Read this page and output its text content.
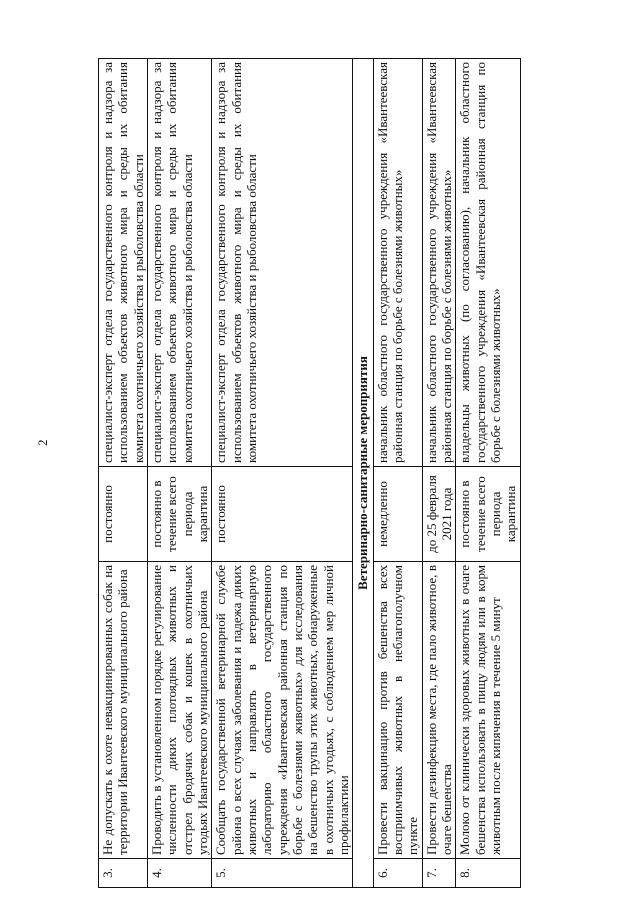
2
3.	Не допускать к охоте невакцинированных собак на территории Ивантеевского муниципального района	постоянно	специалист-эксперт отдела государственного контроля и надзора за использованием объектов животного мира и среды их обитания комитета охотничьего хозяйства и рыболовства области
4.	Проводить в установленном порядке регулирование численности диких плотоядных животных и отстрел бродячих собак и кошек в охотничьих угодьях Ивантеевского муниципального района	постоянно в течение всего периода карантина	специалист-эксперт отдела государственного контроля и надзора за использованием объектов животного мира и среды их обитания комитета охотничьего хозяйства и рыболовства области
5.	Сообщать государственной ветеринарной службе района о всех случаях заболевания и падежа диких животных и направлять в ветеринарную лабораторию областного государственного учреждения «Ивантеевская районная станция по борьбе с болезнями животных» для исследования на бешенство трупы этих животных, обнаруженные в охотничьих угодьях, с соблюдением мер личной профилактики	постоянно	специалист-эксперт отдела государственного контроля и надзора за использованием объектов животного мира и среды их обитания комитета охотничьего хозяйства и рыболовства области
Ветеринарно-санитарные мероприятия			
6.	Провести вакцинацию против бешенства всех восприимчивых животных в неблагополучном пункте	немедленно	начальник областного государственного учреждения «Ивантеевская районная станция по борьбе с болезнями животных»
7.	Провести дезинфекцию места, где пало животное, в очаге бешенства	до 25 февраля 2021 года	начальник областного государственного учреждения «Ивантеевская районная станция по борьбе с болезнями животных»
8.	Молоко от клинически здоровых животных в очаге бешенства использовать в пищу людям или в корм животным после кипячения в течение 5 минут	постоянно в течение всего периода карантина	владельцы животных (по согласованию), начальник областного государственного учреждения «Ивантеевская районная станция по борьбе с болезнями животных»
